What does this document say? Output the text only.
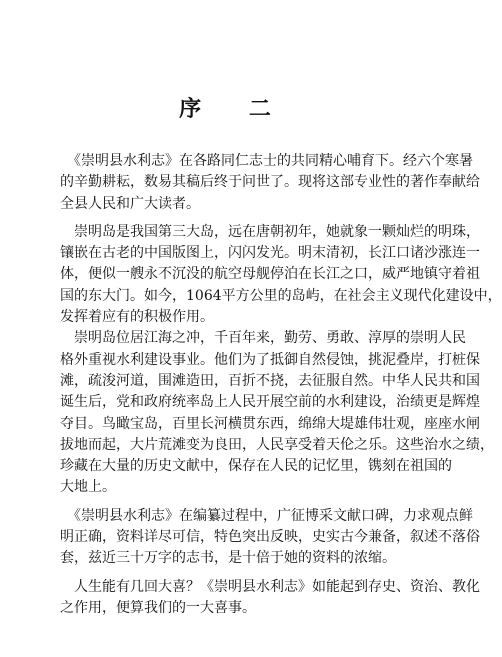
序 二
　《崇明县水利志》在各路同仁志士的共同精心哺育下。经六个寒暑
的辛勤耕耘，数易其稿后终于问世了。现将这部专业性的著作奉献给
全县人民和广大读者。
　崇明岛是我国第三大岛，远在唐朝初年，她就象一颗灿烂的明珠，
镶嵌在古老的中国版图上，闪闪发光。明末清初，长江口诸沙涨连一
体，便似一艘永不沉没的航空母舰停泊在长江之口，威严地镇守着祖
国的东大门。如今，1064平方公里的岛屿，在社会主义现代化建设中，
发挥着应有的积极作用。
　崇明岛位居江海之冲，千百年来，勤劳、勇敢、淳厚的崇明人民
格外重视水利建设事业。他们为了抵御自然侵蚀，挑泥叠岸，打桩保
滩，疏浚河道，围滩造田，百折不挠，去征服自然。中华人民共和国
诞生后，党和政府统率岛上人民开展空前的水利建设，治绩更是辉煌
夺目。鸟瞰宝岛，百里长河横贯东西，绵绵大堤雄伟壮观，座座水闸
拔地而起，大片荒滩变为良田，人民享受着天伦之乐。这些治水之绩，
珍藏在大量的历史文献中，保存在人民的记忆里，镌刻在祖国的
大地上。
　《崇明县水利志》在编纂过程中，广征博采文献口碑，力求观点鲜
明正确，资料详尽可信，特色突出反映，史实古今兼备，叙述不落俗
套，兹近三十万字的志书，是十倍于她的资料的浓缩。
　人生能有几回大喜？《崇明县水利志》如能起到存史、资治、教化
之作用，便算我们的一大喜事。
